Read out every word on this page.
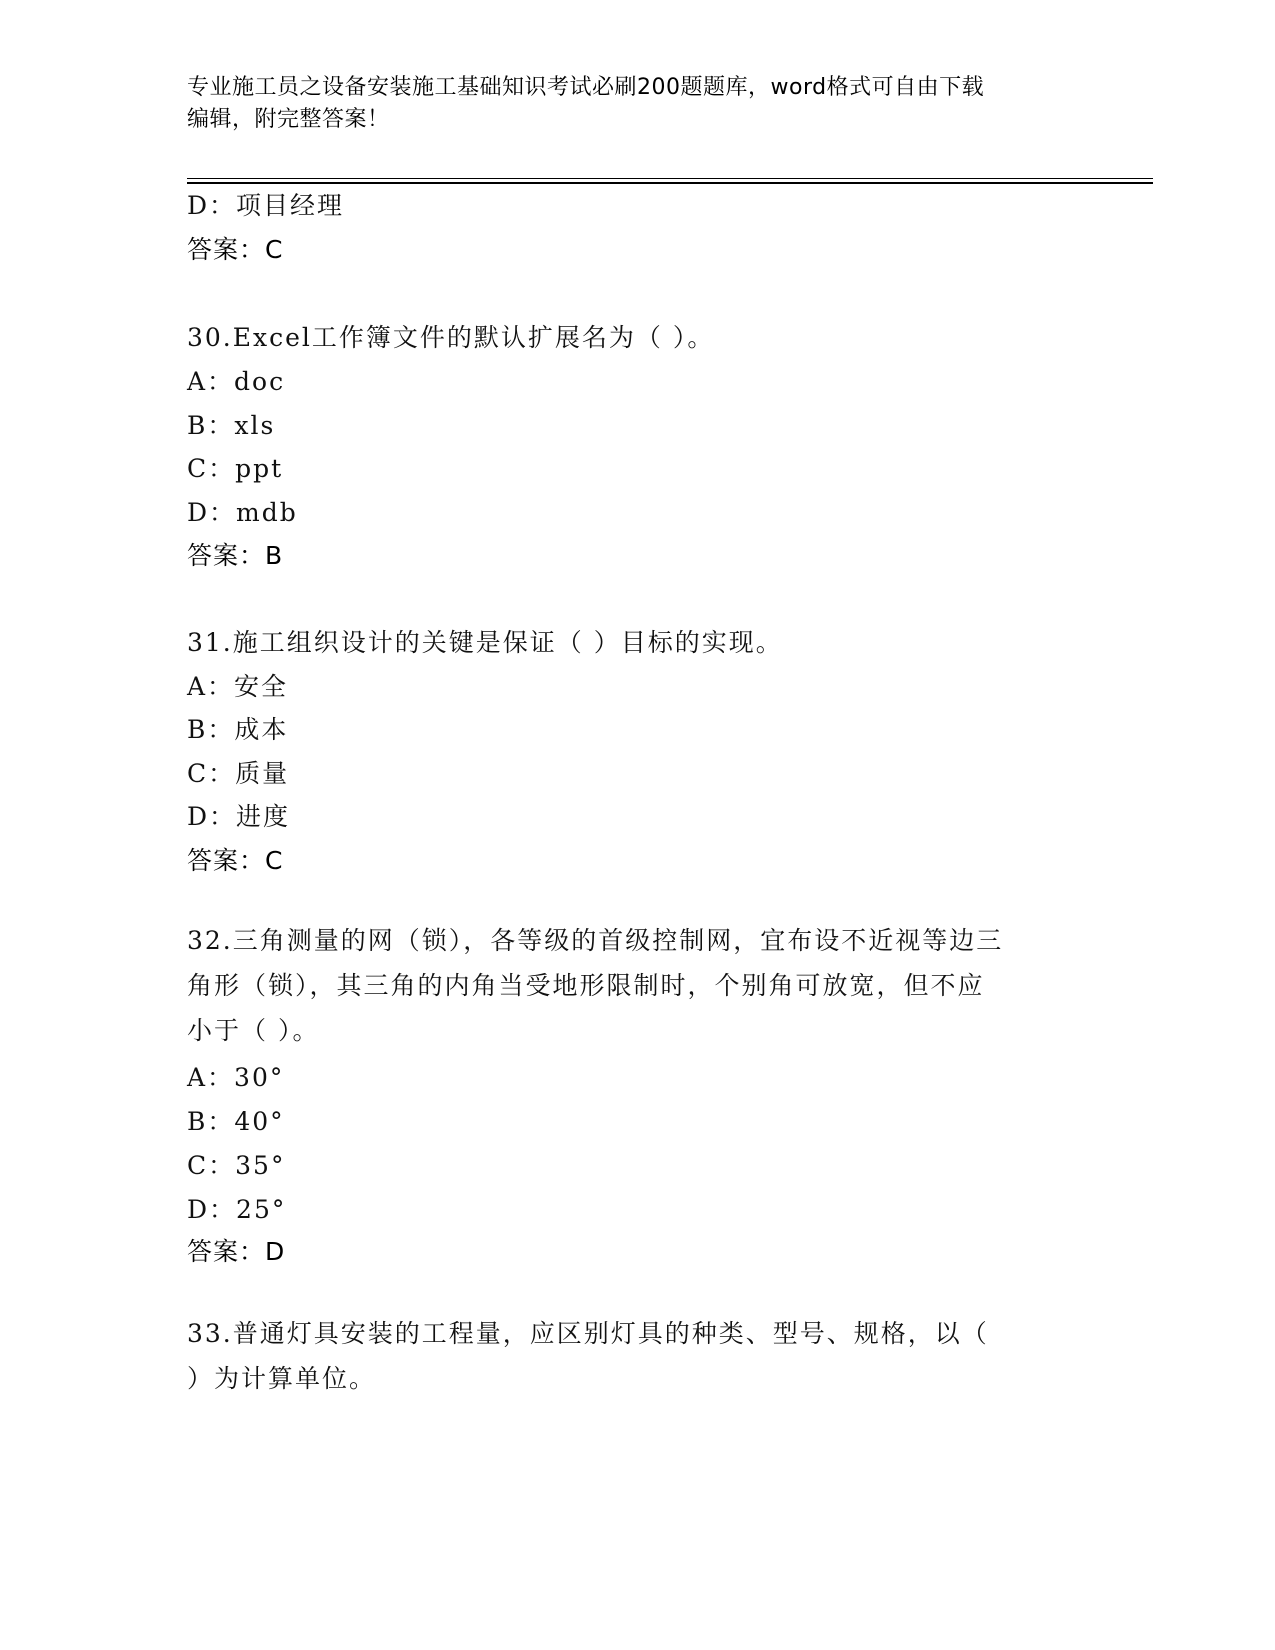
专业施工员之设备安装施工基础知识考试必刷200题题库，word格式可自由下载
编辑，附完整答案！
D：项目经理
答案：C
30.Excel工作簿文件的默认扩展名为（ ）。
A：doc
B：xls
C：ppt
D：mdb
答案：B
31.施工组织设计的关键是保证（ ）目标的实现。
A：安全
B：成本
C：质量
D：进度
答案：C
32.三角测量的网（锁），各等级的首级控制网，宜布设不近视等边三
角形（锁），其三角的内角当受地形限制时，个别角可放宽，但不应
小于（ ）。
A：30°
B：40°
C：35°
D：25°
答案：D
33.普通灯具安装的工程量，应区别灯具的种类、型号、规格，以（
）为计算单位。
